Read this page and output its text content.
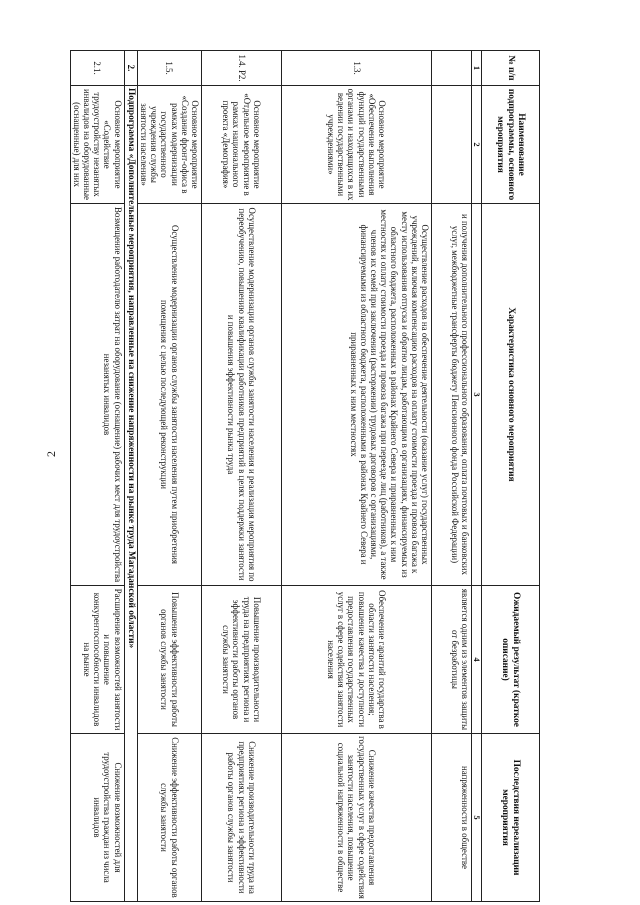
2
№ п/п	Наименование подпрограммы, основного мероприятия	Характеристика основного мероприятия	Ожидаемый результат (краткое описание)	Последствия нереализации мероприятия
1	2	3	4	5
		и получения дополнительного профессионального образования, оплата почтовых и банковских услуг, межбюджетные трансферты бюджету Пенсионного фонда Российской Федерации)	является одним из элементов защиты от безработицы	напряженности в обществе
1.3.	Основное мероприятие «Обеспечение выполнения функций государственными органами и находящихся в их ведении государственными учреждениями»	Осуществление расходов на обеспечение деятельности (оказание услуг) государственных учреждений, включая компенсацию расходов на оплату стоимости проезда и провоза багажа к месту использования отпуска и обратно лицам, работающим в организациях, финансируемых из областного бюджета, расположенных в районах Крайнего Севера и приравненных к ним местностях и оплату стоимости проезда и провоза багажа при переезде лиц (работников), а также членов их семей при заключении (расторжении) трудовых договоров с организациями, финансируемыми из областного бюджета, расположенными в районах Крайнего Севера и приравненных к ним местностях	Обеспечение гарантий государства в области занятости населения; повышение качества и доступности предоставления государственных услуг в сфере содействия занятости населения	Снижение качества предоставления государственных услуг в сфере содействия занятости населения, повышение социальной напряженности в обществе
1.4. Р2.	Основное мероприятие «Отдельное мероприятие в рамках национального проекта «Демография»	Осуществление модернизации органов службы занятости населения и реализация мероприятия по переобучению, повышению квалификации работников предприятий в целях поддержки занятости и повышения эффективности рынка труда	Повышение производительности труда на предприятиях региона и эффективности работы органов службы занятости	Снижение производительности труда на предприятиях региона и эффективности работы органов службы занятости
1.5.	Основное мероприятие «Создание фронт-офиса в рамках модернизации государственного учреждения службы занятости населения»	Осуществление модернизации органов службы занятости населения путем приобретения помещения с целью последующей реконструкции	Повышение эффективности работы органов службы занятости	Снижение эффективности работы органов службы занятости
2.	Подпрограмма «Дополнительные мероприятия, направленные на снижение напряженности на рынке труда Магаданской области»			
2.1.	Основное мероприятие «Содействие трудоустройству незанятых инвалидов на оборудованные (оснащенные) для них	Возмещение работодателю затрат на оборудование (оснащение) рабочих мест для трудоустройства незанятых инвалидов	Расширение возможностей занятости и повышение конкурентоспособности инвалидов на рынке	Снижение возможностей для трудоустройства граждан из числа инвалидов
